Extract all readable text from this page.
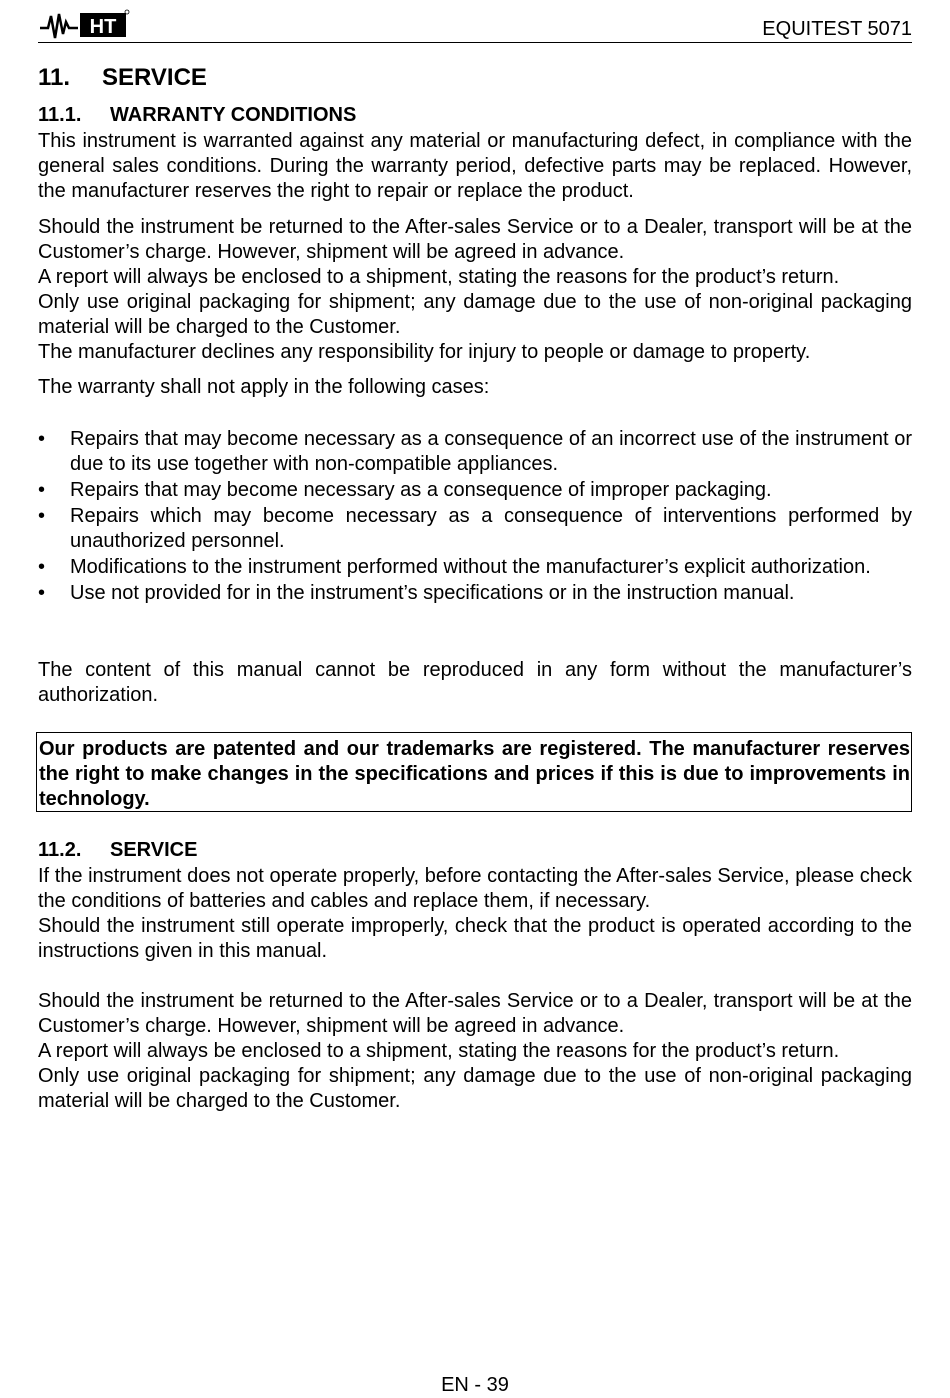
HT	EQUITEST 5071
11. SERVICE
11.1. WARRANTY CONDITIONS
This instrument is warranted against any material or manufacturing defect, in compliance with the general sales conditions. During the warranty period, defective parts may be replaced. However, the manufacturer reserves the right to repair or replace the product.
Should the instrument be returned to the After-sales Service or to a Dealer, transport will be at the Customer’s charge. However, shipment will be agreed in advance.
A report will always be enclosed to a shipment, stating the reasons for the product’s return.
Only use original packaging for shipment; any damage due to the use of non-original packaging material will be charged to the Customer.
The manufacturer declines any responsibility for injury to people or damage to property.
The warranty shall not apply in the following cases:
• Repairs that may become necessary as a consequence of an incorrect use of the instrument or due to its use together with non-compatible appliances.
• Repairs that may become necessary as a consequence of improper packaging.
• Repairs which may become necessary as a consequence of interventions performed by unauthorized personnel.
• Modifications to the instrument performed without the manufacturer’s explicit authorization.
• Use not provided for in the instrument’s specifications or in the instruction manual.
The content of this manual cannot be reproduced in any form without the manufacturer’s authorization.
Our products are patented and our trademarks are registered. The manufacturer reserves the right to make changes in the specifications and prices if this is due to improvements in technology.
11.2. SERVICE
If the instrument does not operate properly, before contacting the After-sales Service, please check the conditions of batteries and cables and replace them, if necessary.
Should the instrument still operate improperly, check that the product is operated according to the instructions given in this manual.
Should the instrument be returned to the After-sales Service or to a Dealer, transport will be at the Customer’s charge. However, shipment will be agreed in advance.
A report will always be enclosed to a shipment, stating the reasons for the product’s return.
Only use original packaging for shipment; any damage due to the use of non-original packaging material will be charged to the Customer.
EN - 39
